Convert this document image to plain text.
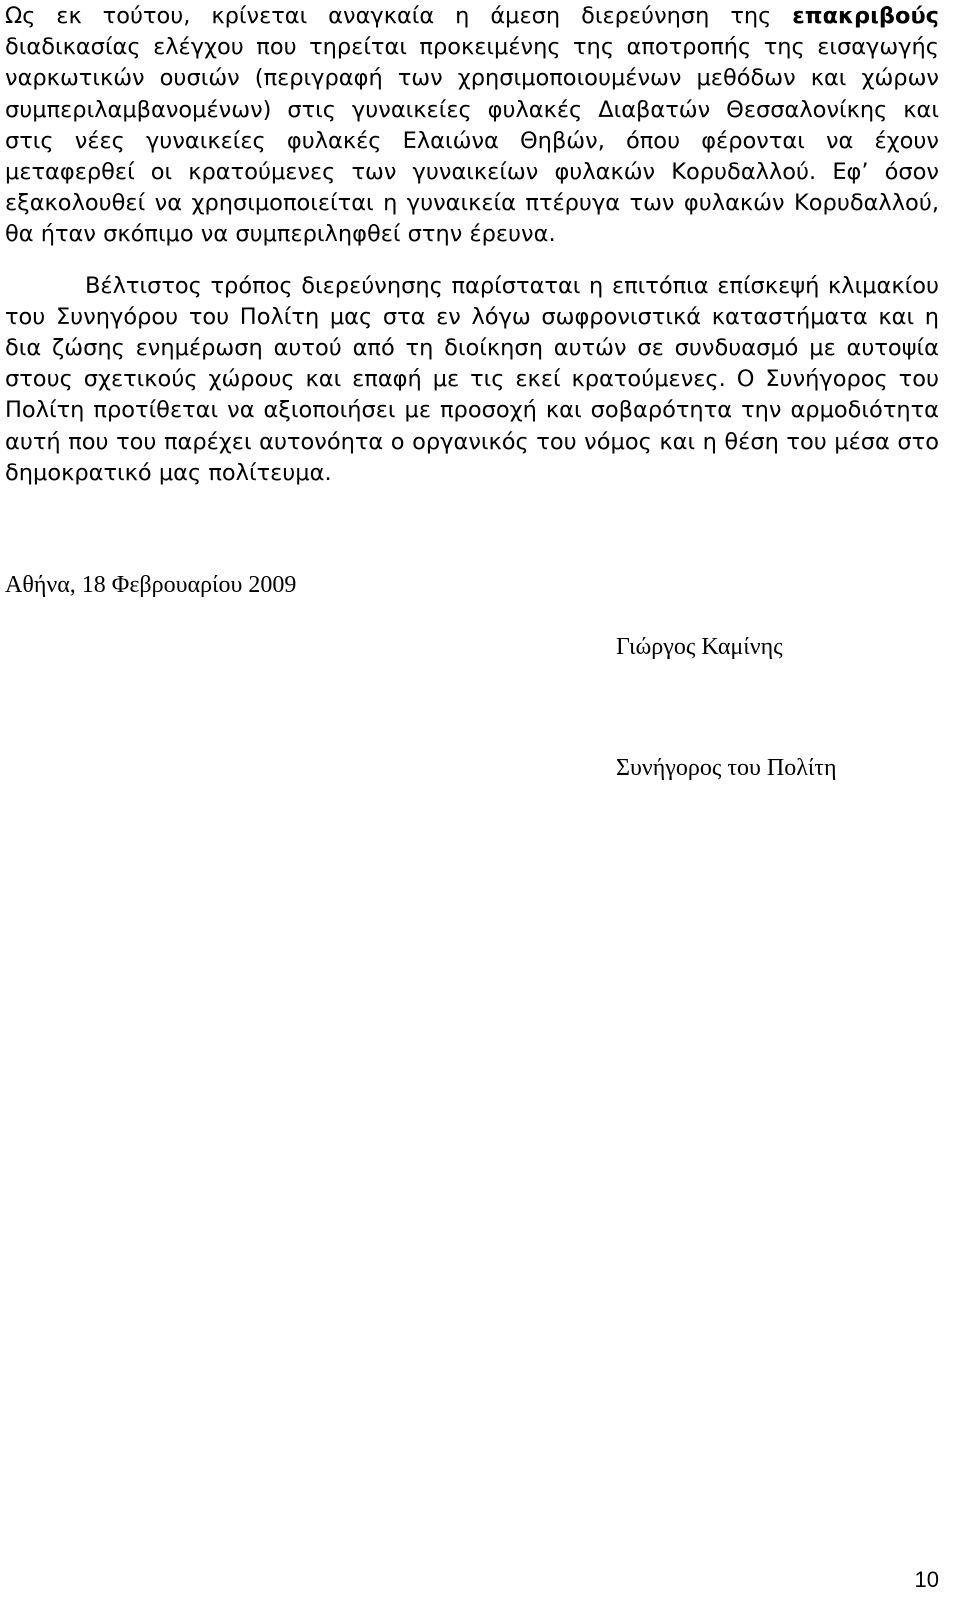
Ως εκ τούτου, κρίνεται αναγκαία η άμεση διερεύνηση της επακριβούς διαδικασίας ελέγχου που τηρείται προκειμένης της αποτροπής της εισαγωγής ναρκωτικών ουσιών (περιγραφή των χρησιμοποιουμένων μεθόδων και χώρων συμπεριλαμβανομένων) στις γυναικείες φυλακές Διαβατών Θεσσαλονίκης και στις νέες γυναικείες φυλακές Ελαιώνα Θηβών, όπου φέρονται να έχουν μεταφερθεί οι κρατούμενες των γυναικείων φυλακών Κορυδαλλού. Εφ’ όσον εξακολουθεί να χρησιμοποιείται η γυναικεία πτέρυγα των φυλακών Κορυδαλλού, θα ήταν σκόπιμο να συμπεριληφθεί στην έρευνα.

Βέλτιστος τρόπος διερεύνησης παρίσταται η επιτόπια επίσκεψή κλιμακίου του Συνηγόρου του Πολίτη μας στα εν λόγω σωφρονιστικά καταστήματα και η δια ζώσης ενημέρωση αυτού από τη διοίκηση αυτών σε συνδυασμό με αυτοψία στους σχετικούς χώρους και επαφή με τις εκεί κρατούμενες. Ο Συνήγορος του Πολίτη προτίθεται να αξιοποιήσει με προσοχή και σοβαρότητα την αρμοδιότητα αυτή που του παρέχει αυτονόητα ο οργανικός του νόμος και η θέση του μέσα στο δημοκρατικό μας πολίτευμα.

Αθήνα, 18 Φεβρουαρίου 2009

Γιώργος Καμίνης

Συνήγορος του Πολίτη

10
